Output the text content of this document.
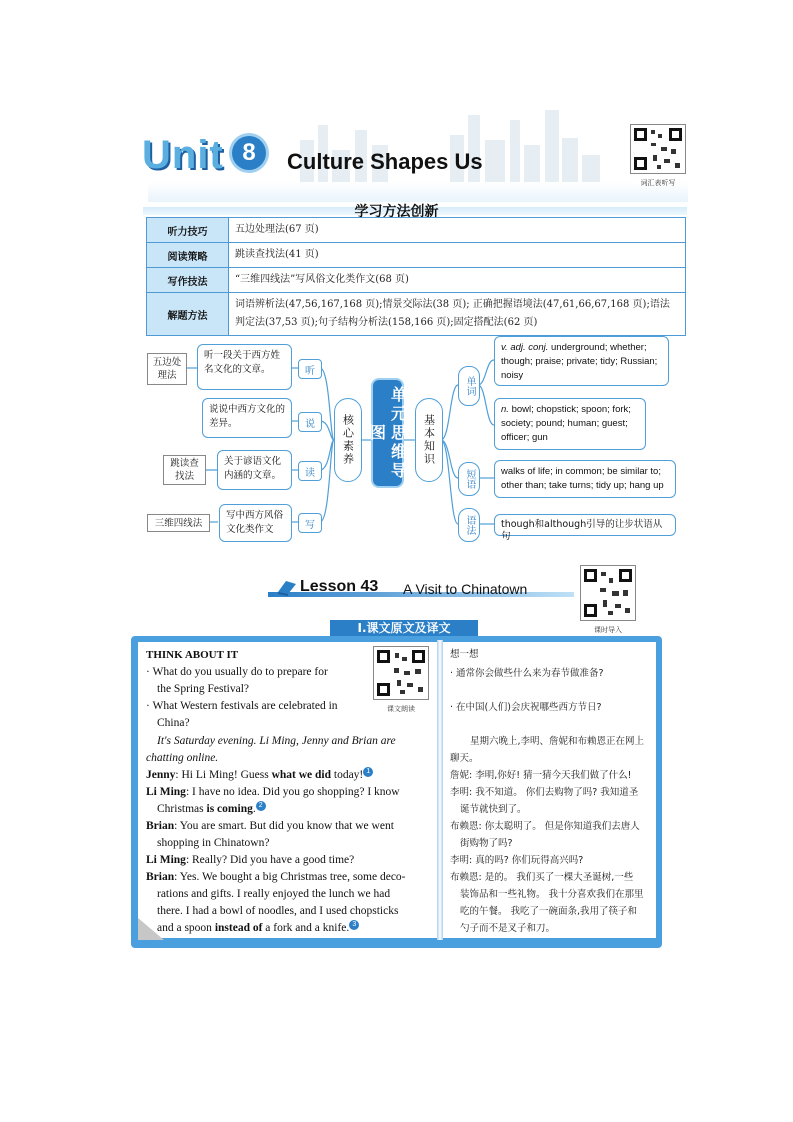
Unit 8	Culture Shapes Us
词汇表听写
学习方法创新
听力技巧	五边处理法(67 页)
阅读策略	跳读查找法(41 页)
写作技法	“三维四线法”写风俗文化类作文(68 页)
解题方法	词语辨析法(47,56,167,168 页);情景交际法(38 页); 正确把握语境法(47,61,66,67,168 页);语法判定法(37,53 页);句子结构分析法(158,166 页);固定搭配法(62 页)
五边处理法
跳读查找法
三维四线法
听一段关于西方姓名文化的文章。
说说中西方文化的差异。
关于谚语文化内涵的文章。
写中西方风俗文化类作文
听
说
读
写
核心素养	单元思维导图	基本知识
单词
短语
语法
v. adj. conj. underground; whether; though; praise; private; tidy; Russian; noisy
n. bowl; chopstick; spoon; fork; society; pound; human; guest; officer; gun
walks of life; in common; be similar to; other than; take turns; tidy up; hang up
though和although引导的让步状语从句
Lesson 43 A Visit to Chinatown
课时导入
Ⅰ.课文原文及译文
THINK ABOUT IT
· What do you usually do to prepare for
the Spring Festival?
· What Western festivals are celebrated in
China?
课文朗读
It's Saturday evening. Li Ming, Jenny and Brian are
chatting online.
Jenny: Hi Li Ming! Guess what we did today! 1
Li Ming: I have no idea. Did you go shopping? I know
Christmas is coming. 2
Brian: You are smart. But did you know that we went
shopping in Chinatown?
Li Ming: Really? Did you have a good time?
Brian: Yes. We bought a big Christmas tree, some deco-
rations and gifts. I really enjoyed the lunch we had
there. I had a bowl of noodles, and I used chopsticks
and a spoon instead of a fork and a knife. 3
想一想
· 通常你会做些什么来为春节做准备?
· 在中国(人们)会庆祝哪些西方节日?
星期六晚上,李明、詹妮和布赖恩正在网上
聊天。
詹妮: 李明,你好! 猜一猜今天我们做了什么!
李明: 我不知道。 你们去购物了吗? 我知道圣
诞节就快到了。
布赖恩: 你太聪明了。 但是你知道我们去唐人
街购物了吗?
李明: 真的吗? 你们玩得高兴吗?
布赖恩: 是的。 我们买了一棵大圣诞树,一些
装饰品和一些礼物。 我十分喜欢我们在那里
吃的午餐。 我吃了一碗面条,我用了筷子和
勺子而不是叉子和刀。
